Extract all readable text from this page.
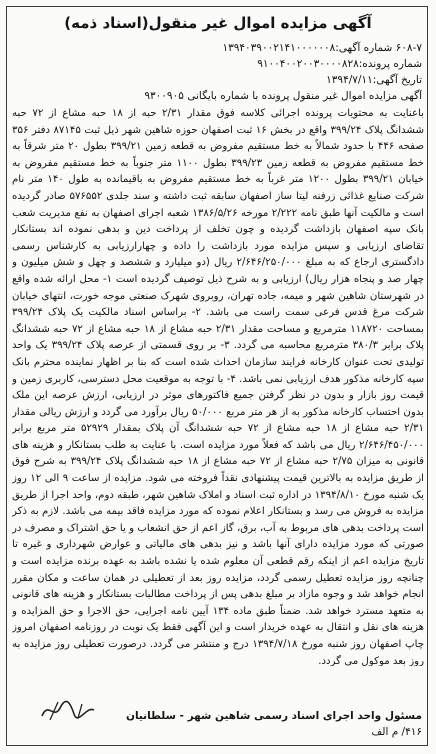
آگهی مزایده اموال غیر منقول(اسناد ذمه)
۶۰۸-۷ شماره آگهی:۱۳۹۴۰۳۹۰۰۲۱۴۱۰۰۰۰۰۰۸
شماره پرونده:۹۱۰۰۴۰۰۲۰۰۳۰۰۰۰۸۲۸
تاریخ آگهی:۱۳۹۴/۷/۱۱
آگهی مزایده اموال غیر منقول پرونده با شماره بایگانی ۹۳۰۰۹۰۵
باعنایت به محتویات پرونده اجرائی کلاسه فوق مقدار ۲/۳۱ حبه از ۱۸ حبه مشاع از ۷۲ حبه ششدانگ پلاک ۳۹۹/۲۴ واقع در بخش ۱۶ ثبت اصفهان حوزه شاهین شهر ذیل ثبت ۸۷۱۴۵ دفتر ۳۵۶ صفحه ۴۴۶ با حدود شمالاً به خط مستقیم مفروض به قطعه زمین ۳۹۹/۲۱ بطول ۲۰ متر شرقاً به خط مستقیم مفروض به قطعه زمین ۳۹۹/۲۳ بطول ۱۱۰۰ متر جنوباً به خط مستقیم مفروض به خیابان ۳۹۹/۲۱ بطول ۱۲۰۰ متر غرباً به خط مستقیم مفروض به باقیمانده به طول ۱۴۰ متر نام شرکت صنایع غذائی زرفنه لیتا ساز اصفهان سابقه ثبت داشته و سند جلدی ۵۷۶۵۵۲ صادر گردیده است و مالکیت آنها طبق نامه ۲/۲۲۲ مورخه ۱۳۸۶/۵/۲۶ شعبه اجرای اصفهان به نفع مدیریت شعب بانک سپه اصفهان بازداشت گردیده و چون تخلف از پرداخت دین و بدهی نموده اند بستانکار تقاضای ارزیابی و سپس مزایده مورد بازداشت را داده و چهارارزیابی به کارشناس رسمی دادگستری ارجاع که به مبلغ ۲/۶۴۶/۲۵۰/۰۰۰ ریال (دو میلیارد و ششصد و چهل و شش میلیون و چهار صد و پنجاه هزار ریال) ارزیابی و به شرح ذیل توصیف گردیده است ۱- محل ارائه شده واقع در شهرستان شاهین شهر و میمه، جاده تهران، روبروی شهرک صنعتی موجه خورت، انتهای خیابان شرکت مرغ قدس فرعی سمت راست می باشد. ۲- براساس اسناد مالکیت یک پلاک ۳۹۹/۲۴ بمساحت ۱۱۸۷۲۰ مترمربع و مساحت مقدار ۲/۳۱ حبه مشاع از ۱۸ حبه مشاع از ۷۲ حبه ششدانگ پلاک برابر ۳۸۰/۳ مترمربع محاسبه می گردد. ۳- بر روی قسمتی از عرصه پلاک ۳۹۹/۲۴ یک واحد تولیدی تحت عنوان کارخانه فرایند سازمان احداث شده است که بنا بر اظهار نماینده محترم بانک سپه کارخانه مذکور هدف ارزیابی نمی باشد. ۴- با توجه به موقعیت محل دسترسی، کاربری زمین و قیمت روز بازار و بدون در نظر گرفتن جمیع فاکتورهای موثر در ارزیابی، ارزش عرصه این ملک بدون احتساب کارخانه مذکور به از هر متر مربع ۵۰/۰۰۰ ریال برآورد می گردد و ارزش ریالی مقدار ۲/۳۱ حبه مشاع از ۱۸ حبه مشاع از ۷۲ حبه ششدانگ آن پلاک بمقدار ۵۲۹۲۹ متر مربع برابر ۲/۶۴۶/۴۵۰/۰۰۰ ریال می باشد که فعلاً مورد مزایده است. با عنایت به طلب بستانکار و هزینه های قانونی به میزان ۲/۷۵ حبه مشاع از ۷۲ حبه مشاع از ۱۸ حبه ششدانگ پلاک ۳۹۹/۲۴ به شرح فوق از طریق مزایده به بالاترین قیمت پیشنهادی نقداً فروخته می شود. مزایده از ساعت ۹ الی ۱۲ روز یک شنبه مورخ ۱۳۹۴/۸/۱۰ در اداره ثبت اسناد و املاک شاهین شهر، طبقه دوم، واحد اجرا از طریق مزایده به فروش می رسد و بستانکار اعلام نموده که مورد مزایده فاقد بیمه می باشد. لازم به ذکر است پرداخت بدهی های مربوط به آب، برق، گاز اعم از حق انشعاب و یا حق اشتراک و مصرف در صورتی که مورد مزایده دارای آنها باشد و نیز بدهی های مالیاتی و عوارض شهرداری و غیره تا تاریخ مزایده اعم از اینکه رقم قطعی آن معلوم شده یا نشده باشد به عهده برنده مزایده است و چنانچه روز مزایده تعطیل رسمی گردد، مزایده روز بعد از تعطیلی در همان ساعت و مکان مقرر انجام خواهد شد و وجوه مازاد بر مبلغ بدهی پس از پرداخت مطالبات بستانکار و هزینه های قانونی به متعهد مسترد خواهد شد. ضمناً طبق ماده ۱۳۴ آیین نامه اجرایی، حق الاجرا و حق المزایده و هزینه های نقل و انتقال به عهده خریدار است و این آگهی فقط یک نوبت در روزنامه اصفهان امروز چاپ اصفهان روز شنبه مورخ ۱۳۹۴/۷/۱۸ درج و منتشر می گردد. درصورت تعطیلی روز مزایده به روز بعد موکول می گردد.
مسئول واحد اجرای اسناد رسمی شاهین شهر - سلطانیان
۴۱۶/ م الف
